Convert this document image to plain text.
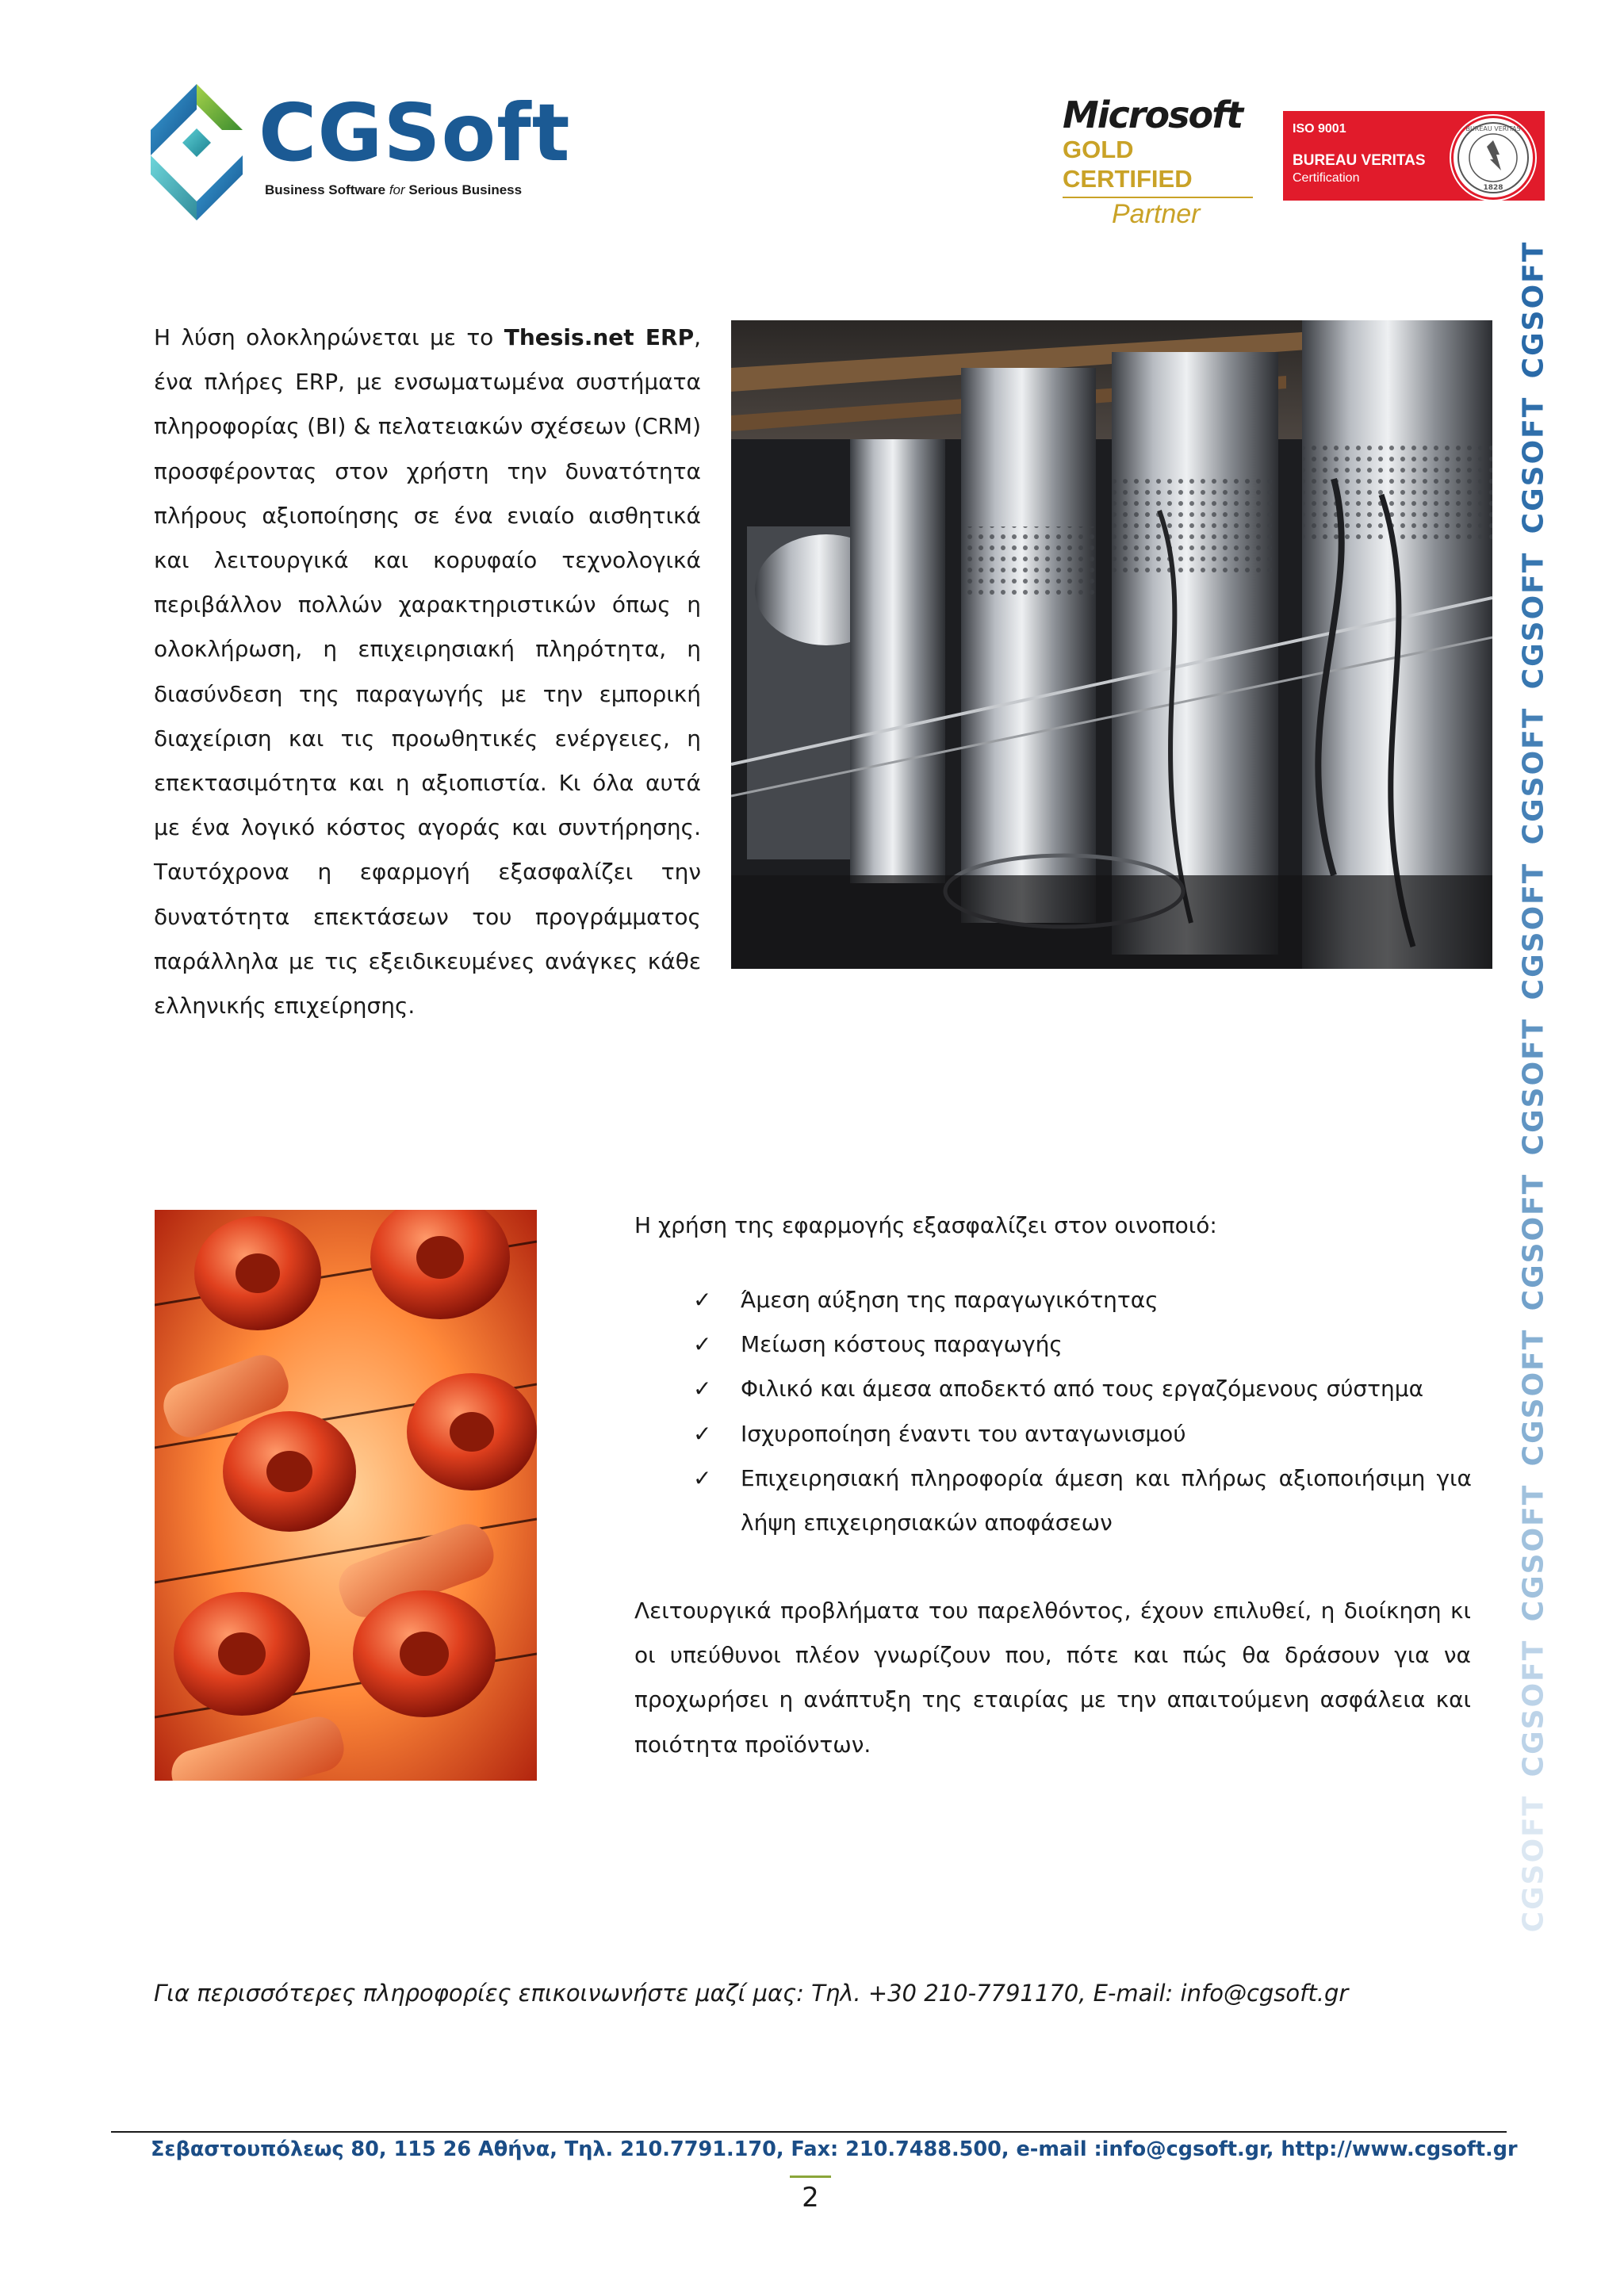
CGSoft
Business Software for Serious Business
Microsoft
GOLD CERTIFIED
Partner
ISO 9001
BUREAU VERITAS
Certification
BUREAU VERITAS
1828
CGSOFT
CGSOFT
CGSOFT
CGSOFT
CGSOFT
CGSOFT
CGSOFT
CGSOFT
CGSOFT
CGSOFT
CGSOFT
Η λύση ολοκληρώνεται με το Thesis.net ERP, ένα πλήρες ERP, με ενσωματωμένα συστήματα πληροφορίας (BI) & πελατειακών σχέσεων (CRM) προσφέροντας στον χρήστη την δυνατότητα πλήρους αξιοποίησης σε ένα ενιαίο αισθητικά και λειτουργικά και κορυφαίο τεχνολογικά περιβάλλον πολλών χαρακτηριστικών όπως η ολοκλήρωση, η επιχειρησιακή πληρότητα, η διασύνδεση της παραγωγής με την εμπορική διαχείριση και τις προωθητικές ενέργειες, η επεκτασιμότητα και η αξιοπιστία. Κι όλα αυτά με ένα λογικό κόστος αγοράς και συντήρησης. Ταυτόχρονα η εφαρμογή εξασφαλίζει την δυνατότητα επεκτάσεων του προγράμματος παράλληλα με τις εξειδικευμένες ανάγκες κάθε ελληνικής επιχείρησης.
Η χρήση της εφαρμογής εξασφαλίζει στον οινοποιό:
✓ Άμεση αύξηση της παραγωγικότητας
✓ Μείωση κόστους παραγωγής
✓ Φιλικό και άμεσα αποδεκτό από τους εργαζόμενους σύστημα
✓ Ισχυροποίηση έναντι του ανταγωνισμού
✓ Επιχειρησιακή πληροφορία άμεση και πλήρως αξιοποιήσιμη για λήψη επιχειρησιακών αποφάσεων
Λειτουργικά προβλήματα του παρελθόντος, έχουν επιλυθεί, η διοίκηση κι οι υπεύθυνοι πλέον γνωρίζουν που, πότε και πώς θα δράσουν για να προχωρήσει η ανάπτυξη της εταιρίας με την απαιτούμενη ασφάλεια και ποιότητα προϊόντων.
Για περισσότερες πληροφορίες επικοινωνήστε μαζί μας: Τηλ. +30 210-7791170, E-mail: info@cgsoft.gr
Σεβαστουπόλεως 80, 115 26 Αθήνα, Τηλ. 210.7791.170, Fax: 210.7488.500, e-mail :info@cgsoft.gr, http://www.cgsoft.gr
2
